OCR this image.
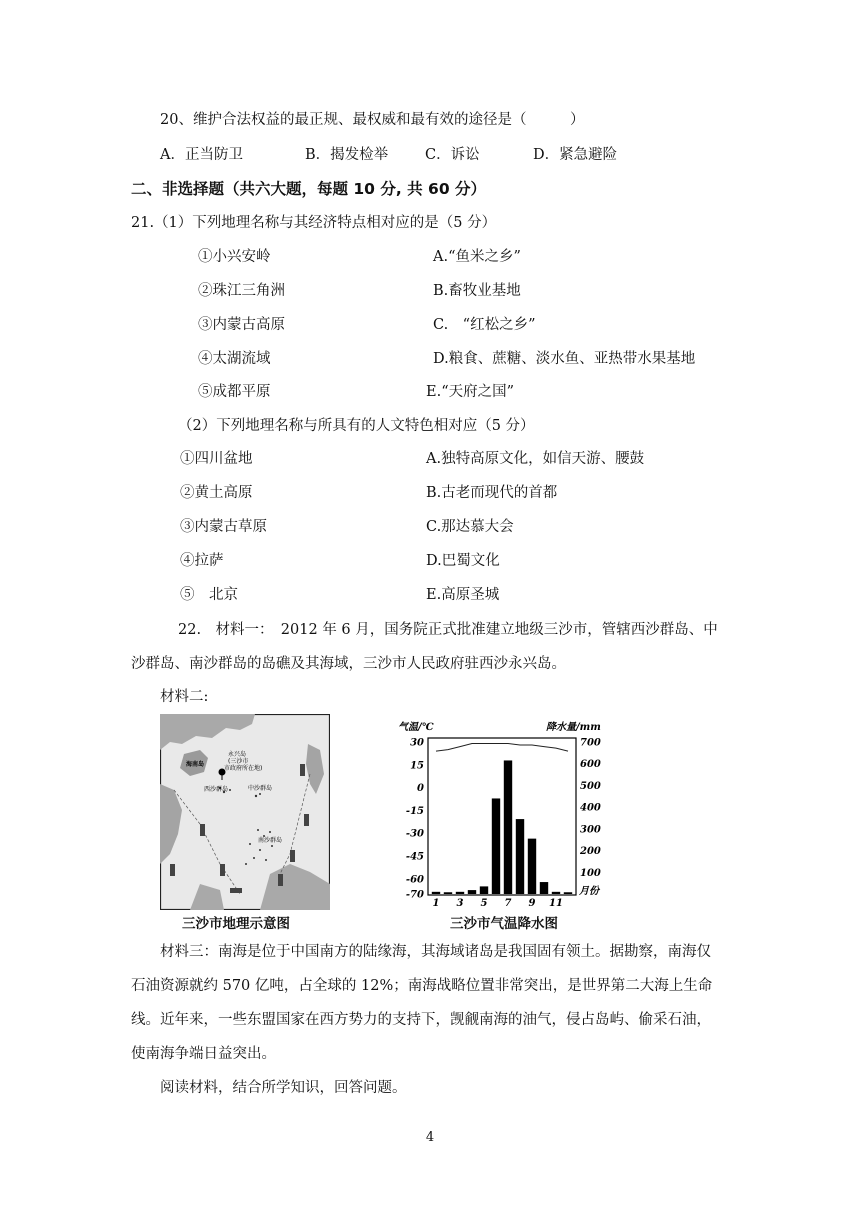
20、维护合法权益的最正规、最权威和最有效的途径是（　　　）
A．正当防卫	B．揭发检举	C．诉讼	D．紧急避险
二、非选择题（共六大题，每题 10 分, 共 60 分）
21.（1）下列地理名称与其经济特点相对应的是（5 分）
①小兴安岭	A.“鱼米之乡”
②珠江三角洲	B.畜牧业基地
③内蒙古高原	C.　“红松之乡”
④太湖流域	D.粮食、蔗糖、淡水鱼、亚热带水果基地
⑤成都平原	E.“天府之国”
（2）下列地理名称与所具有的人文特色相对应（5 分）
①四川盆地	A.独特高原文化，如信天游、腰鼓
②黄土高原	B.古老而现代的首都
③内蒙古草原	C.那达慕大会
④拉萨	D.巴蜀文化
⑤　北京	E.高原圣城
22.　材料一：　2012 年 6 月，国务院正式批准建立地级三沙市，管辖西沙群岛、中
沙群岛、南沙群岛的岛礁及其海域，三沙市人民政府驻西沙永兴岛。
材料二:
海南岛
永兴岛
(三沙市
市政府所在地)
西沙群岛	中沙群岛
南沙群岛
三沙市地理示意图
气温/℃	降水量/mm
30
15
0
-15
-30
-45
-60
-70
700
600
500
400
300
200
100
1 3 5 7 9 11
月份
三沙市气温降水图
材料三：南海是位于中国南方的陆缘海，其海域诸岛是我国固有领土。据勘察，南海仅
石油资源就约 570 亿吨，占全球的 12%；南海战略位置非常突出，是世界第二大海上生命
线。近年来，一些东盟国家在西方势力的支持下，觊觎南海的油气，侵占岛屿、偷采石油，
使南海争端日益突出。
阅读材料，结合所学知识，回答问题。
4
